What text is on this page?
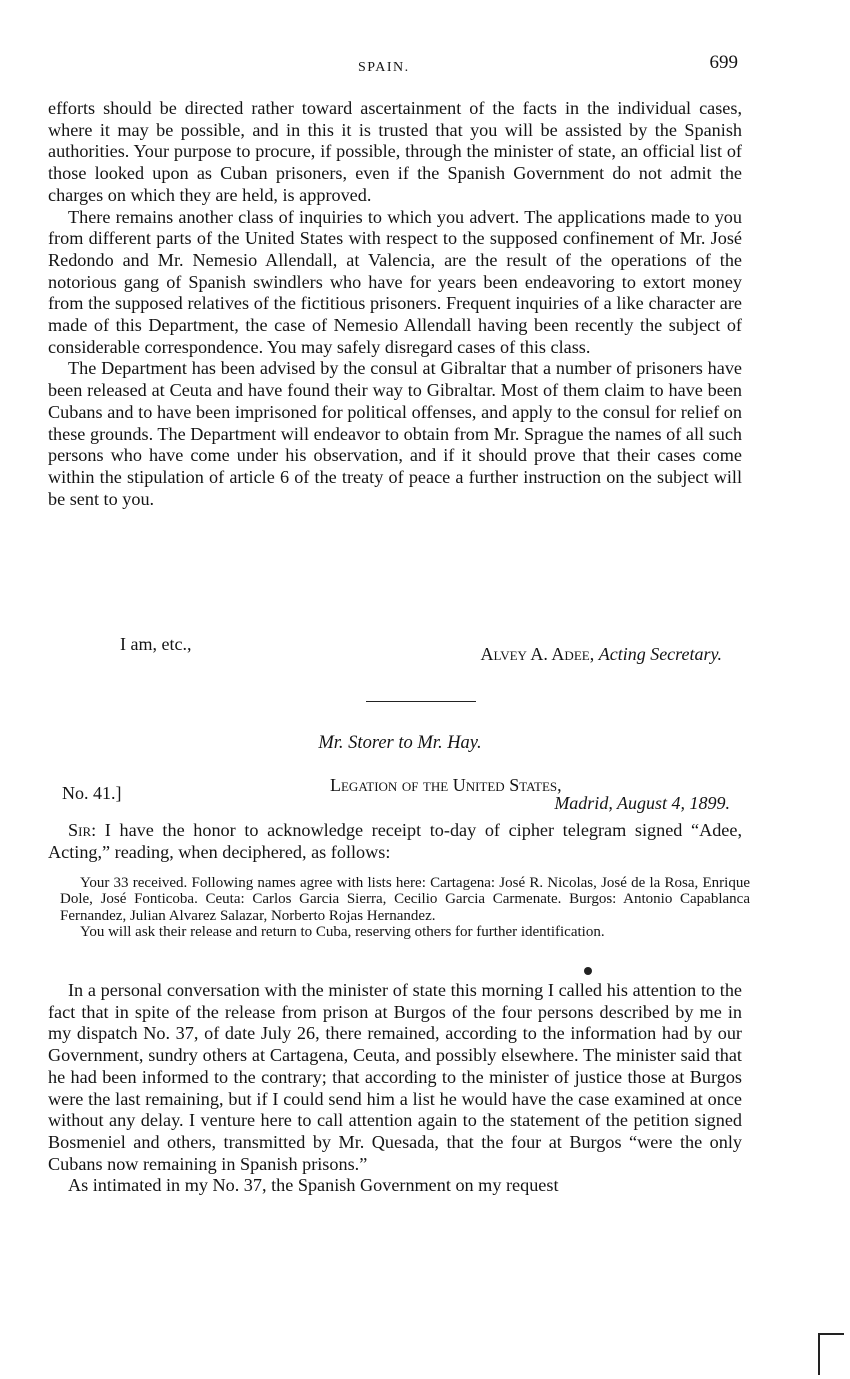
SPAIN.	699

efforts should be directed rather toward ascertainment of the facts in the individual cases, where it may be possible, and in this it is trusted that you will be assisted by the Spanish authorities. Your purpose to procure, if possible, through the minister of state, an official list of those looked upon as Cuban prisoners, even if the Spanish Government do not admit the charges on which they are held, is approved.

There remains another class of inquiries to which you advert. The applications made to you from different parts of the United States with respect to the supposed confinement of Mr. José Redondo and Mr. Nemesio Allendall, at Valencia, are the result of the operations of the notorious gang of Spanish swindlers who have for years been endeavoring to extort money from the supposed relatives of the fictitious prisoners. Frequent inquiries of a like character are made of this Department, the case of Nemesio Allendall having been recently the subject of considerable correspondence. You may safely disregard cases of this class.

The Department has been advised by the consul at Gibraltar that a number of prisoners have been released at Ceuta and have found their way to Gibraltar. Most of them claim to have been Cubans and to have been imprisoned for political offenses, and apply to the consul for relief on these grounds. The Department will endeavor to obtain from Mr. Sprague the names of all such persons who have come under his observation, and if it should prove that their cases come within the stipulation of article 6 of the treaty of peace a further instruction on the subject will be sent to you.

I am, etc.,	Alvey A. Adee, Acting Secretary.
Mr. Storer to Mr. Hay.
No. 41.]	Legation of the United States,
Madrid, August 4, 1899.

Sir: I have the honor to acknowledge receipt to-day of cipher telegram signed “Adee, Acting,” reading, when deciphered, as follows:

Your 33 received. Following names agree with lists here: Cartagena: José R. Nicolas, José de la Rosa, Enrique Dole, José Fonticoba. Ceuta: Carlos Garcia Sierra, Cecilio Garcia Carmenate. Burgos: Antonio Capablanca Fernandez, Julian Alvarez Salazar, Norberto Rojas Hernandez.

You will ask their release and return to Cuba, reserving others for further identification.

In a personal conversation with the minister of state this morning I called his attention to the fact that in spite of the release from prison at Burgos of the four persons described by me in my dispatch No. 37, of date July 26, there remained, according to the information had by our Government, sundry others at Cartagena, Ceuta, and possibly elsewhere. The minister said that he had been informed to the contrary; that according to the minister of justice those at Burgos were the last remaining, but if I could send him a list he would have the case examined at once without any delay. I venture here to call attention again to the statement of the petition signed Bosmeniel and others, transmitted by Mr. Quesada, that the four at Burgos “were the only Cubans now remaining in Spanish prisons.”

As intimated in my No. 37, the Spanish Government on my request
